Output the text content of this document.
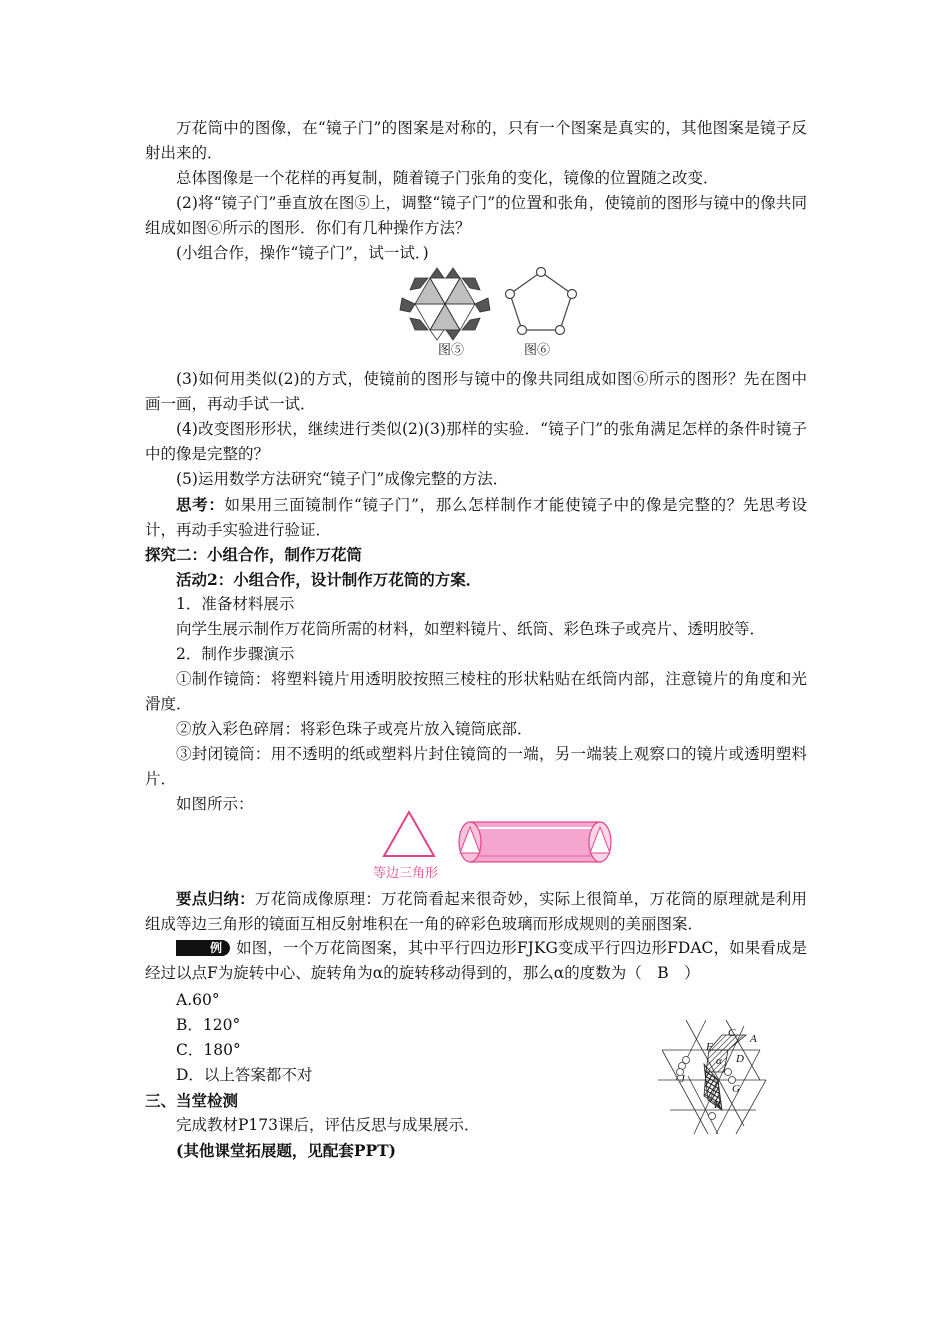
万花筒中的图像，在“镜子门”的图案是对称的，只有一个图案是真实的，其他图案是镜子反射出来的．

总体图像是一个花样的再复制，随着镜子门张角的变化，镜像的位置随之改变．

(2)将“镜子门”垂直放在图⑤上，调整“镜子门”的位置和张角，使镜前的图形与镜中的像共同组成如图⑥所示的图形．你们有几种操作方法？

(小组合作，操作“镜子门”，试一试．)

图⑤	图⑥

(3)如何用类似(2)的方式，使镜前的图形与镜中的像共同组成如图⑥所示的图形？先在图中画一画，再动手试一试．

(4)改变图形形状，继续进行类似(2)(3)那样的实验．“镜子门”的张角满足怎样的条件时镜子中的像是完整的？

(5)运用数学方法研究“镜子门”成像完整的方法．

思考：如果用三面镜制作“镜子门”，那么怎样制作才能使镜子中的像是完整的？先思考设计，再动手实验进行验证．

探究二：小组合作，制作万花筒

活动2：小组合作，设计制作万花筒的方案．

1．准备材料展示

向学生展示制作万花筒所需的材料，如塑料镜片、纸筒、彩色珠子或亮片、透明胶等．

2．制作步骤演示

①制作镜筒：将塑料镜片用透明胶按照三棱柱的形状粘贴在纸筒内部，注意镜片的角度和光滑度．

②放入彩色碎屑：将彩色珠子或亮片放入镜筒底部．

③封闭镜筒：用不透明的纸或塑料片封住镜筒的一端，另一端装上观察口的镜片或透明塑料片．

如图所示：

等边三角形

要点归纳：万花筒成像原理：万花筒看起来很奇妙，实际上很简单，万花筒的原理就是利用组成等边三角形的镜面互相反射堆积在一角的碎彩色玻璃而形成规则的美丽图案．

例 如图，一个万花筒图案，其中平行四边形FJKG变成平行四边形FDAC，如果看成是经过以点F为旋转中心、旋转角为α的旋转移动得到的，那么α的度数为（　B　）

A.60°

B．120°

C．180°

D．以上答案都不对

C A
F
D
α
J
G
K

三、当堂检测

完成教材P173课后，评估反思与成果展示．

(其他课堂拓展题，见配套PPT)
